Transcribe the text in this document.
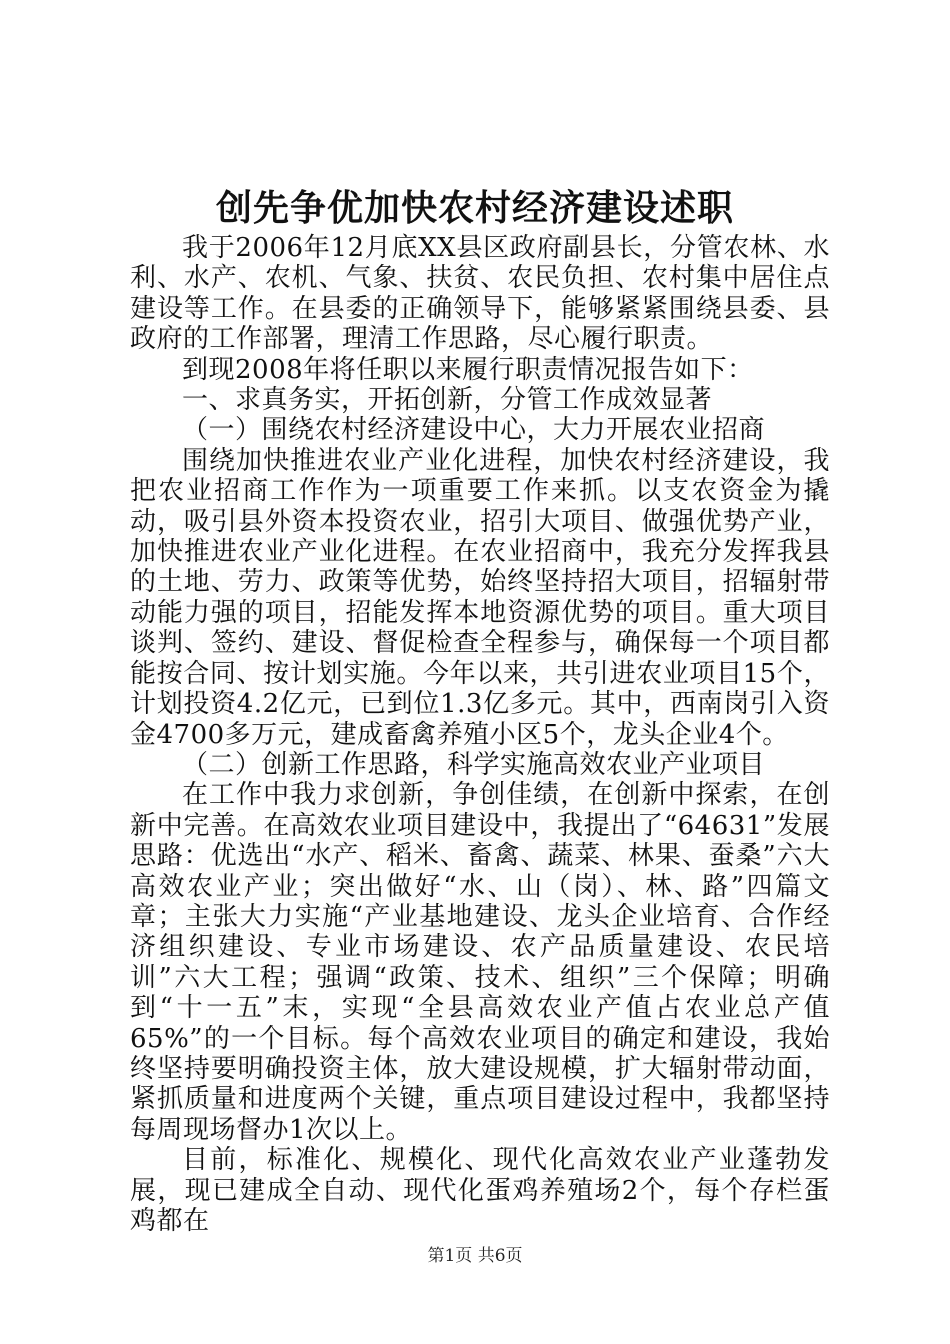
创先争优加快农村经济建设述职

我于2006年12月底XX县区政府副县长，分管农林、水利、水产、农机、气象、扶贫、农民负担、农村集中居住点建设等工作。在县委的正确领导下，能够紧紧围绕县委、县政府的工作部署，理清工作思路，尽心履行职责。

到现2008年将任职以来履行职责情况报告如下：

一、求真务实，开拓创新，分管工作成效显著

（一）围绕农村经济建设中心，大力开展农业招商

围绕加快推进农业产业化进程，加快农村经济建设，我把农业招商工作作为一项重要工作来抓。以支农资金为撬动，吸引县外资本投资农业，招引大项目、做强优势产业，加快推进农业产业化进程。在农业招商中，我充分发挥我县的土地、劳力、政策等优势，始终坚持招大项目，招辐射带动能力强的项目，招能发挥本地资源优势的项目。重大项目谈判、签约、建设、督促检查全程参与，确保每一个项目都能按合同、按计划实施。今年以来，共引进农业项目15个，计划投资4.2亿元，已到位1.3亿多元。其中，西南岗引入资金4700多万元，建成畜禽养殖小区5个，龙头企业4个。

（二）创新工作思路，科学实施高效农业产业项目

在工作中我力求创新，争创佳绩，在创新中探索，在创新中完善。在高效农业项目建设中，我提出了“64631”发展思路：优选出“水产、稻米、畜禽、蔬菜、林果、蚕桑”六大高效农业产业；突出做好“水、山（岗）、林、路”四篇文章；主张大力实施“产业基地建设、龙头企业培育、合作经济组织建设、专业市场建设、农产品质量建设、农民培训”六大工程；强调“政策、技术、组织”三个保障；明确到“十一五”末，实现“全县高效农业产值占农业总产值65%”的一个目标。每个高效农业项目的确定和建设，我始终坚持要明确投资主体，放大建设规模，扩大辐射带动面，紧抓质量和进度两个关键，重点项目建设过程中，我都坚持每周现场督办1次以上。

目前，标准化、规模化、现代化高效农业产业蓬勃发展，现已建成全自动、现代化蛋鸡养殖场2个，每个存栏蛋鸡都在

第1页 共6页
